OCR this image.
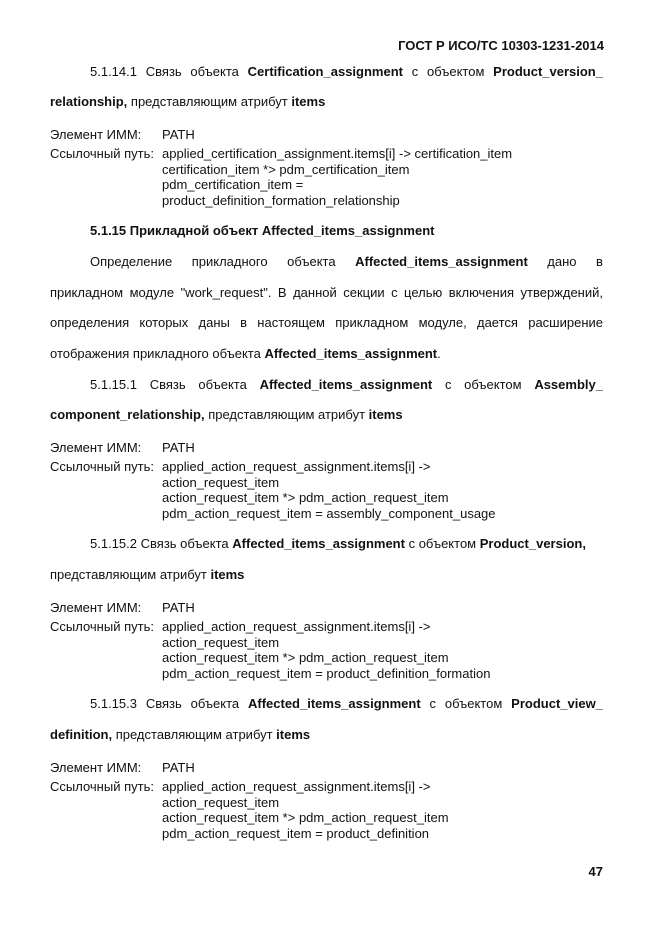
ГОСТ Р ИСО/ТС 10303-1231-2014
5.1.14.1 Связь объекта Certification_assignment с объектом Product_version_
relationship, представляющим атрибут items
Элемент ИММ: PATH
Ссылочный путь: applied_certification_assignment.items[i] -> certification_item
certification_item *> pdm_certification_item
pdm_certification_item =
product_definition_formation_relationship
5.1.15 Прикладной объект Affected_items_assignment
Определение прикладного объекта Affected_items_assignment дано в
прикладном модуле "work_request". В данной секции с целью включения утверждений,
определения которых даны в настоящем прикладном модуле, дается расширение
отображения прикладного объекта Affected_items_assignment.
5.1.15.1 Связь объекта Affected_items_assignment с объектом Assembly_
component_relationship, представляющим атрибут items
Элемент ИММ: PATH
Ссылочный путь: applied_action_request_assignment.items[i] ->
action_request_item
action_request_item *> pdm_action_request_item
pdm_action_request_item = assembly_component_usage
5.1.15.2 Связь объекта Affected_items_assignment с объектом Product_version,
представляющим атрибут items
Элемент ИММ: PATH
Ссылочный путь: applied_action_request_assignment.items[i] ->
action_request_item
action_request_item *> pdm_action_request_item
pdm_action_request_item = product_definition_formation
5.1.15.3 Связь объекта Affected_items_assignment с объектом Product_view_
definition, представляющим атрибут items
Элемент ИММ: PATH
Ссылочный путь: applied_action_request_assignment.items[i] ->
action_request_item
action_request_item *> pdm_action_request_item
pdm_action_request_item = product_definition
47
